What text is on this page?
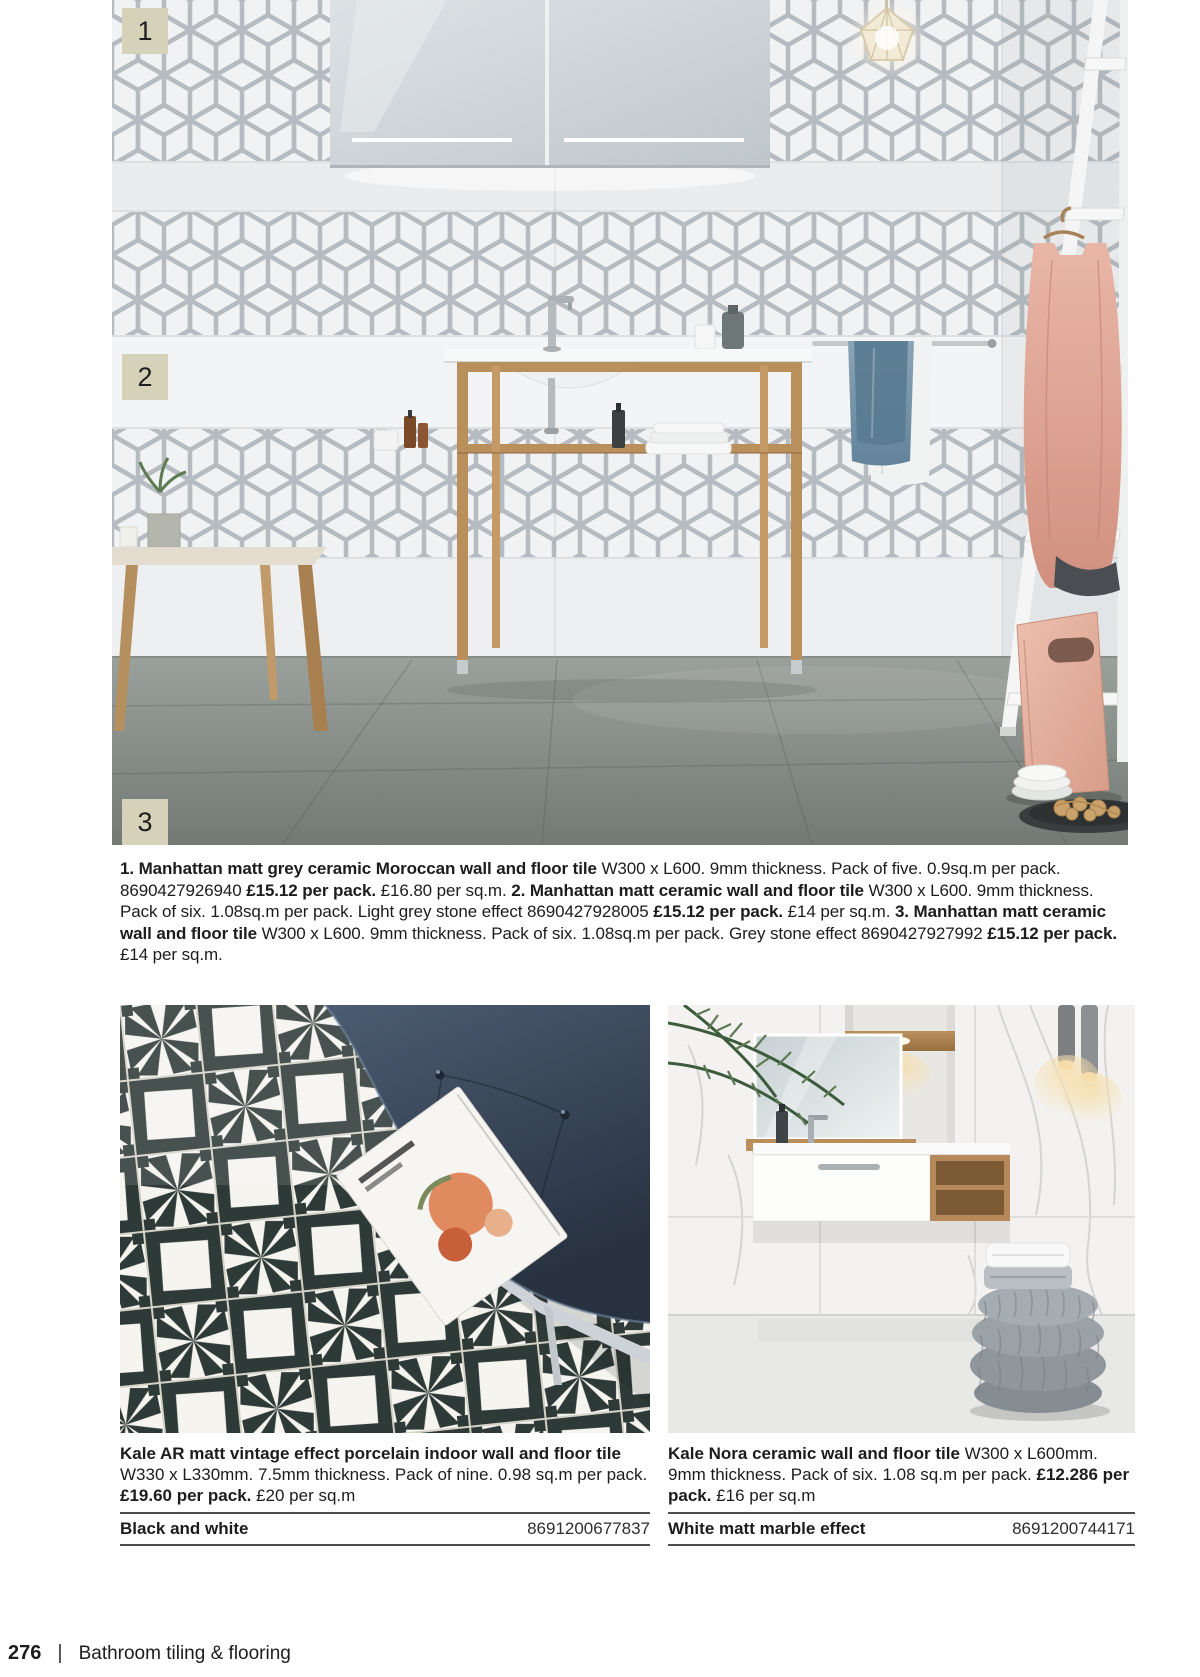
1
2
3

1. Manhattan matt grey ceramic Moroccan wall and floor tile W300 x L600. 9mm thickness. Pack of five. 0.9sq.m per pack. 8690427926940 £15.12 per pack. £16.80 per sq.m. 2. Manhattan matt ceramic wall and floor tile W300 x L600. 9mm thickness. Pack of six. 1.08sq.m per pack. Light grey stone effect 8690427928005 £15.12 per pack. £14 per sq.m. 3. Manhattan matt ceramic wall and floor tile W300 x L600. 9mm thickness. Pack of six. 1.08sq.m per pack. Grey stone effect 8690427927992 £15.12 per pack. £14 per sq.m.

Kale AR matt vintage effect porcelain indoor wall and floor tile W330 x L330mm. 7.5mm thickness. Pack of nine. 0.98 sq.m per pack. £19.60 per pack. £20 per sq.m

Black and white	8691200677837

Kale Nora ceramic wall and floor tile W300 x L600mm. 9mm thickness. Pack of six. 1.08 sq.m per pack. £12.286 per pack. £16 per sq.m

White matt marble effect	8691200744171
276 | Bathroom tiling & flooring
